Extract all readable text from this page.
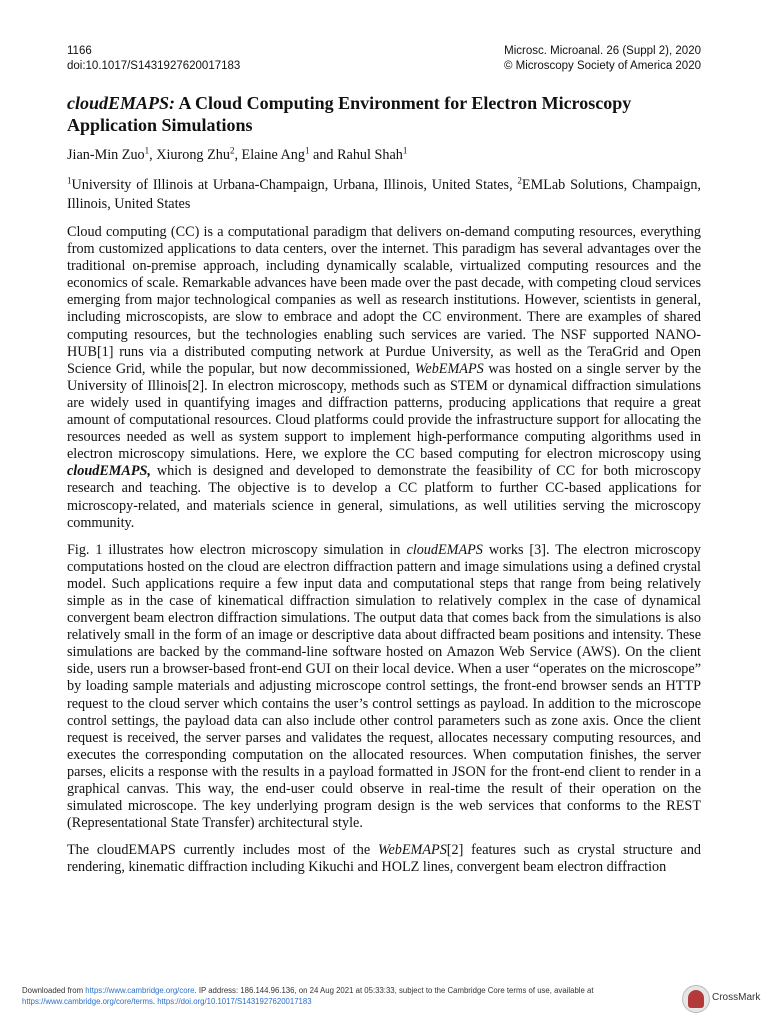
1166
doi:10.1017/S1431927620017183
Microsc. Microanal. 26 (Suppl 2), 2020
© Microscopy Society of America 2020
cloudEMAPS: A Cloud Computing Environment for Electron Microscopy Application Simulations
Jian-Min Zuo$^1$, Xiurong Zhu$^2$, Elaine Ang$^1$ and Rahul Shah$^1$
$^1$University of Illinois at Urbana-Champaign, Urbana, Illinois, United States, $^2$EMLab Solutions, Champaign, Illinois, United States

Cloud computing (CC) is a computational paradigm that delivers on-demand computing resources, everything from customized applications to data centers, over the internet. This paradigm has several advantages over the traditional on-premise approach, including dynamically scalable, virtualized computing resources and the economics of scale. Remarkable advances have been made over the past decade, with competing cloud services emerging from major technological companies as well as research institutions. However, scientists in general, including microscopists, are slow to embrace and adopt the CC environment. There are examples of shared computing resources, but the technologies enabling such services are varied. The NSF supported NANO-HUB[1] runs via a distributed computing network at Purdue University, as well as the TeraGrid and Open Science Grid, while the popular, but now decommissioned, WebEMAPS was hosted on a single server by the University of Illinois[2]. In electron microscopy, methods such as STEM or dynamical diffraction simulations are widely used in quantifying images and diffraction patterns, producing applications that require a great amount of computational resources. Cloud platforms could provide the infrastructure support for allocating the resources needed as well as system support to implement high-performance computing algorithms used in electron microscopy simulations. Here, we explore the CC based computing for electron microscopy using cloudEMAPS, which is designed and developed to demonstrate the feasibility of CC for both microscopy research and teaching. The objective is to develop a CC platform to further CC-based applications for microscopy-related, and materials science in general, simulations, as well utilities serving the microscopy community.

Fig. 1 illustrates how electron microscopy simulation in cloudEMAPS works [3]. The electron microscopy computations hosted on the cloud are electron diffraction pattern and image simulations using a defined crystal model. Such applications require a few input data and computational steps that range from being relatively simple as in the case of kinematical diffraction simulation to relatively complex in the case of dynamical convergent beam electron diffraction simulations. The output data that comes back from the simulations is also relatively small in the form of an image or descriptive data about diffracted beam positions and intensity. These simulations are backed by the command-line software hosted on Amazon Web Service (AWS). On the client side, users run a browser-based front-end GUI on their local device. When a user “operates on the microscope” by loading sample materials and adjusting microscope control settings, the front-end browser sends an HTTP request to the cloud server which contains the user’s control settings as payload. In addition to the microscope control settings, the payload data can also include other control parameters such as zone axis. Once the client request is received, the server parses and validates the request, allocates necessary computing resources, and executes the corresponding computation on the allocated resources. When computation finishes, the server parses, elicits a response with the results in a payload formatted in JSON for the front-end client to render in a graphical canvas. This way, the end-user could observe in real-time the result of their operation on the simulated microscope. The key underlying program design is the web services that conforms to the REST (Representational State Transfer) architectural style.

The cloudEMAPS currently includes most of the WebEMAPS[2] features such as crystal structure and rendering, kinematic diffraction including Kikuchi and HOLZ lines, convergent beam electron diffraction

Downloaded from https://www.cambridge.org/core. IP address: 186.144.96.136, on 24 Aug 2021 at 05:33:33, subject to the Cambridge Core terms of use, available at
https://www.cambridge.org/core/terms. https://doi.org/10.1017/S1431927620017183	CrossMark
